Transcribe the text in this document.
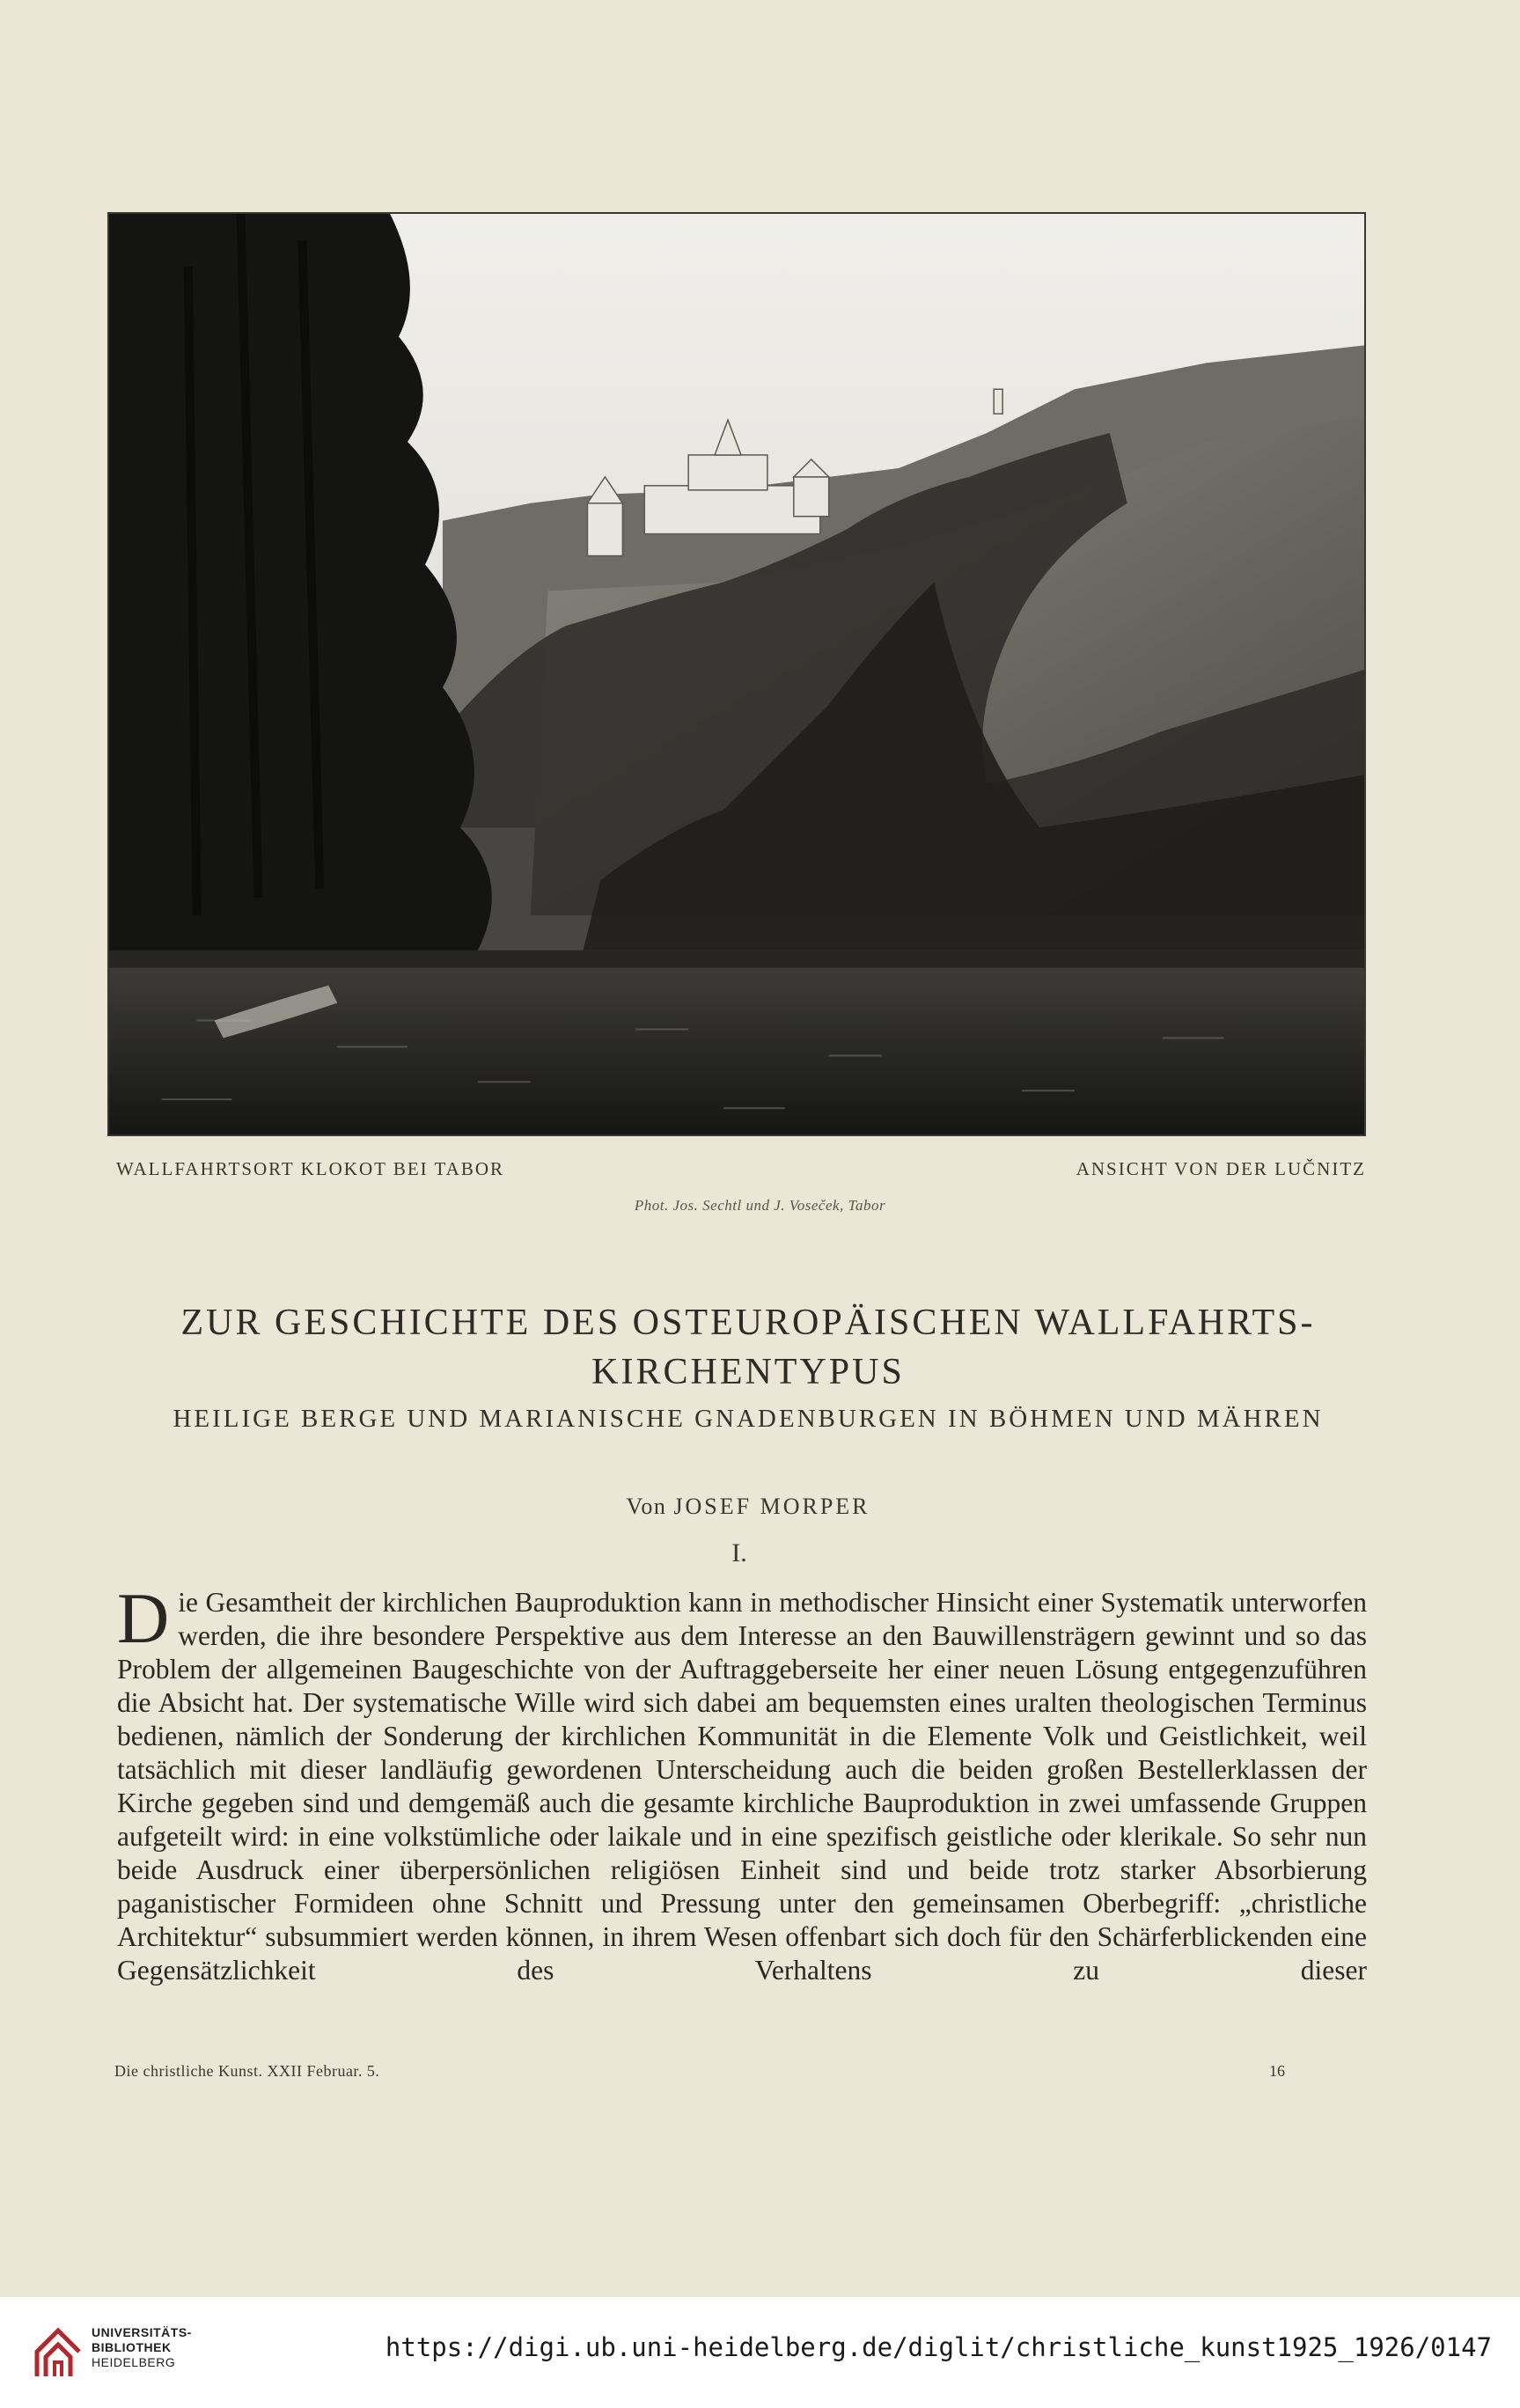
WALLFAHRTSORT KLOKOT BEI TABOR	ANSICHT VON DER LUČNITZ
Phot. Jos. Sechtl und J. Voseček, Tabor
ZUR GESCHICHTE DES OSTEUROPÄISCHEN WALLFAHRTS-KIRCHENTYPUS
HEILIGE BERGE UND MARIANISCHE GNADENBURGEN IN BÖHMEN UND MÄHREN
Von JOSEF MORPER
I.
Die Gesamtheit der kirchlichen Bauproduktion kann in methodischer Hinsicht einer Systematik unterworfen werden, die ihre besondere Perspektive aus dem Interesse an den Bauwillensträgern gewinnt und so das Problem der allgemeinen Baugeschichte von der Auftraggeberseite her einer neuen Lösung entgegenzuführen die Absicht hat. Der systematische Wille wird sich dabei am bequemsten eines uralten theologischen Terminus bedienen, nämlich der Sonderung der kirchlichen Kommunität in die Elemente Volk und Geistlichkeit, weil tatsächlich mit dieser landläufig gewordenen Unterscheidung auch die beiden großen Bestellerklassen der Kirche gegeben sind und demgemäß auch die gesamte kirchliche Bauproduktion in zwei umfassende Gruppen aufgeteilt wird: in eine volkstümliche oder laikale und in eine spezifisch geistliche oder klerikale. So sehr nun beide Ausdruck einer überpersönlichen religiösen Einheit sind und beide trotz starker Absorbierung paganistischer Formideen ohne Schnitt und Pressung unter den gemeinsamen Oberbegriff: „christliche Architektur“ subsummiert werden können, in ihrem Wesen offenbart sich doch für den Schärferblickenden eine Gegensätzlichkeit des Verhaltens zu dieser
Die christliche Kunst. XXII Februar. 5.	16
UNIVERSITÄTS-
BIBLIOTHEK
HEIDELBERG	https://digi.ub.uni-heidelberg.de/diglit/christliche_kunst1925_1926/0147
